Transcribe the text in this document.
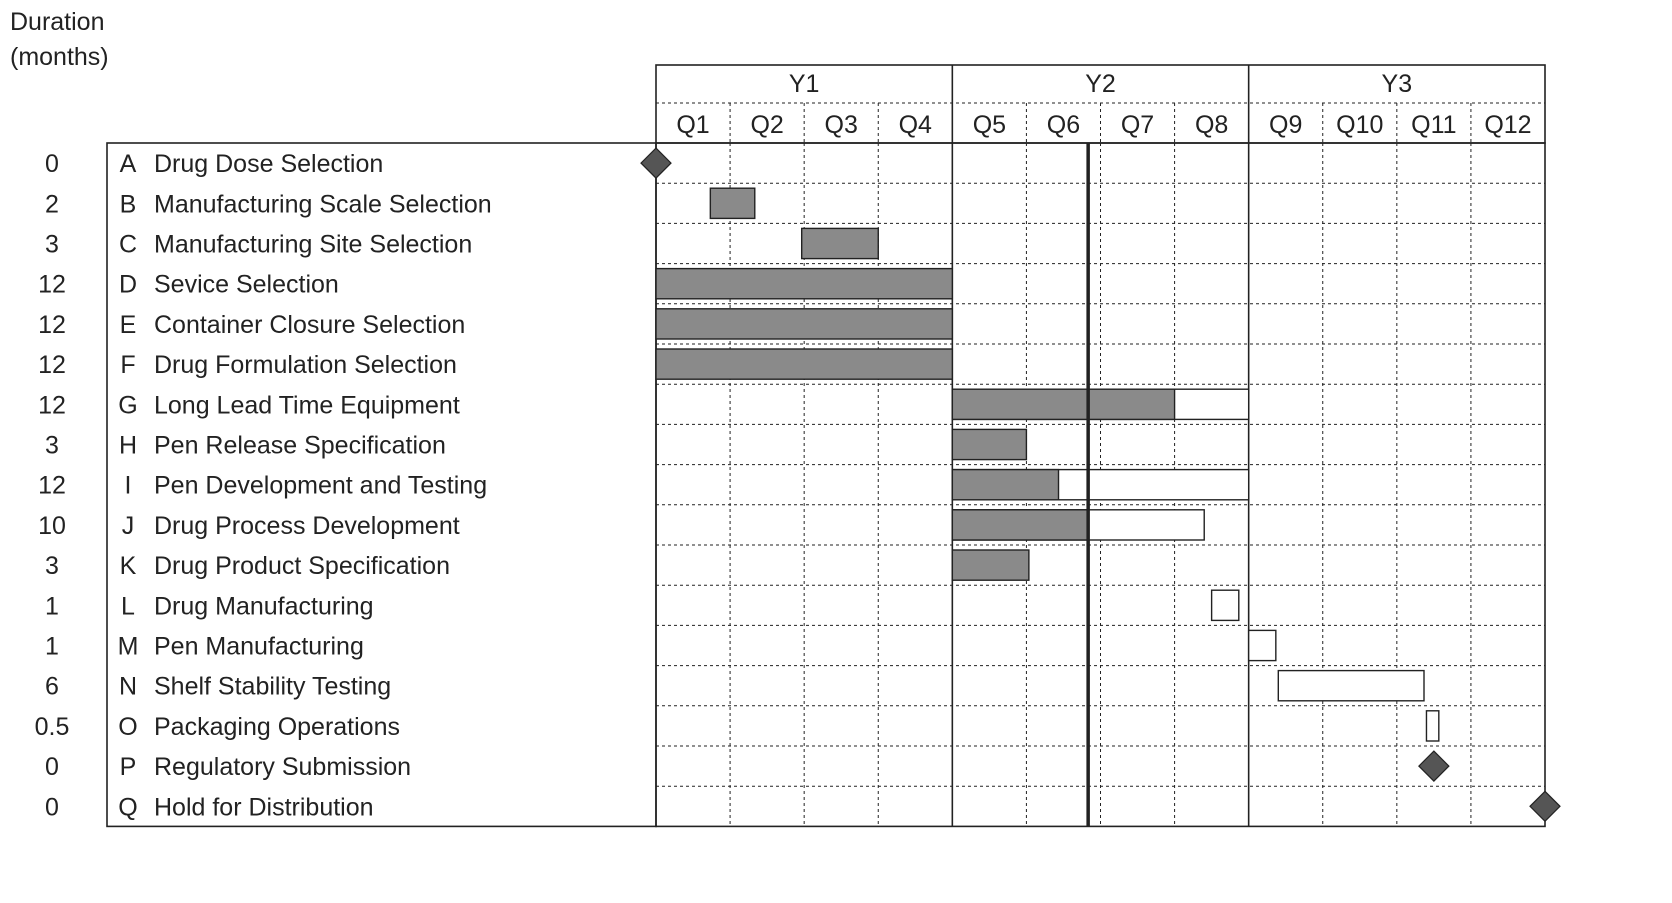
Duration
(months)
Y1	Y2	Y3
Q1 Q2 Q3 Q4 Q5 Q6 Q7 Q8 Q9 Q10 Q11 Q12
0 A Drug Dose Selection
2 B Manufacturing Scale Selection
3 C Manufacturing Site Selection
12 D Sevice Selection
12 E Container Closure Selection
12 F Drug Formulation Selection
12 G Long Lead Time Equipment
3 H Pen Release Specification
12 I Pen Development and Testing
10 J Drug Process Development
3 K Drug Product Specification
1 L Drug Manufacturing
1 M Pen Manufacturing
6 N Shelf Stability Testing
0.5 O Packaging Operations
0 P Regulatory Submission
0 Q Hold for Distribution
